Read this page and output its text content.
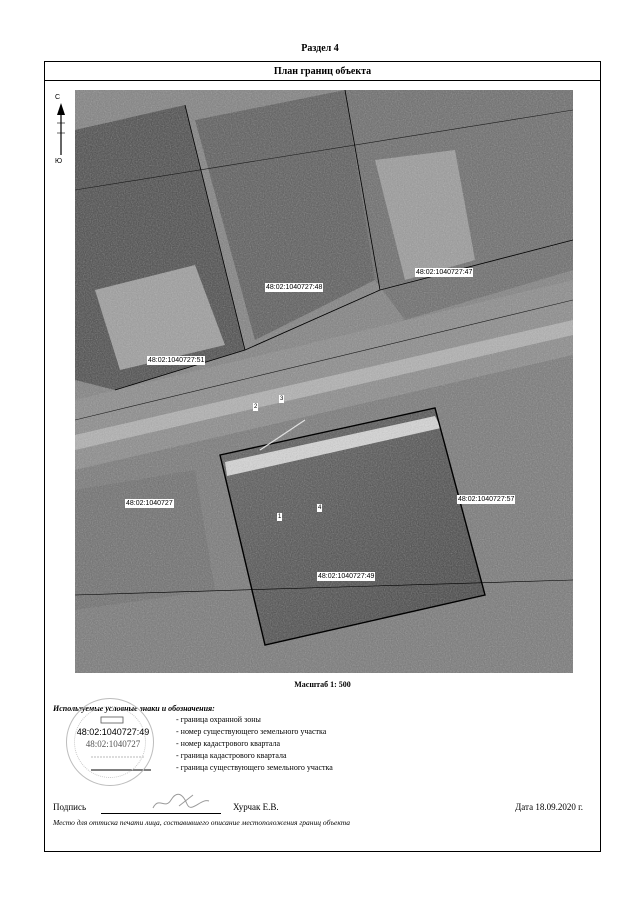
Раздел 4
План границ объекта
С
Ю
48:02:1040727:48
48:02:1040727:47
48:02:1040727:51
48:02:1040727
48:02:1040727:57
48:02:1040727:49
2
3
1
4
Масштаб 1: 500
Используемые условные знаки и обозначения:
- граница охранной зоны
48:02:1040727:49	- номер существующего земельного участка
48:02:1040727	- номер кадастрового квартала
- граница кадастрового квартала
- граница существующего земельного участка
Подпись	Хурчак Е.В.	Дата 18.09.2020 г.
Место для оттиска печати лица, составившего описание местоположения границ объекта
